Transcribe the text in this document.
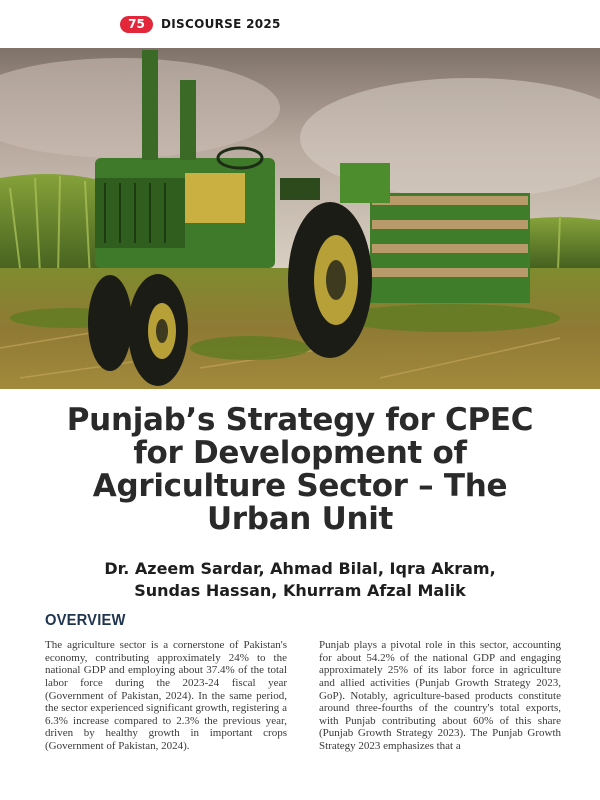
75	DISCOURSE 2025
Punjab’s Strategy for CPEC for Development of Agriculture Sector – The Urban Unit
Dr. Azeem Sardar, Ahmad Bilal, Iqra Akram,
Sundas Hassan, Khurram Afzal Malik
OVERVIEW

The agriculture sector is a cornerstone of Pakistan's economy, contributing approximately 24% to the national GDP and employing about 37.4% of the total labor force during the 2023-24 fiscal year (Government of Pakistan, 2024). In the same period, the sector experienced significant growth, registering a 6.3% increase compared to 2.3% the previous year, driven by healthy growth in important crops (Government of Pakistan, 2024).

Punjab plays a pivotal role in this sector, accounting for about 54.2% of the national GDP and engaging approximately 25% of its labor force in agriculture and allied activities (Punjab Growth Strategy 2023, GoP). Notably, agriculture-based products constitute around three-fourths of the country's total exports, with Punjab contributing about 60% of this share (Punjab Growth Strategy 2023). The Punjab Growth Strategy 2023 emphasizes that a
